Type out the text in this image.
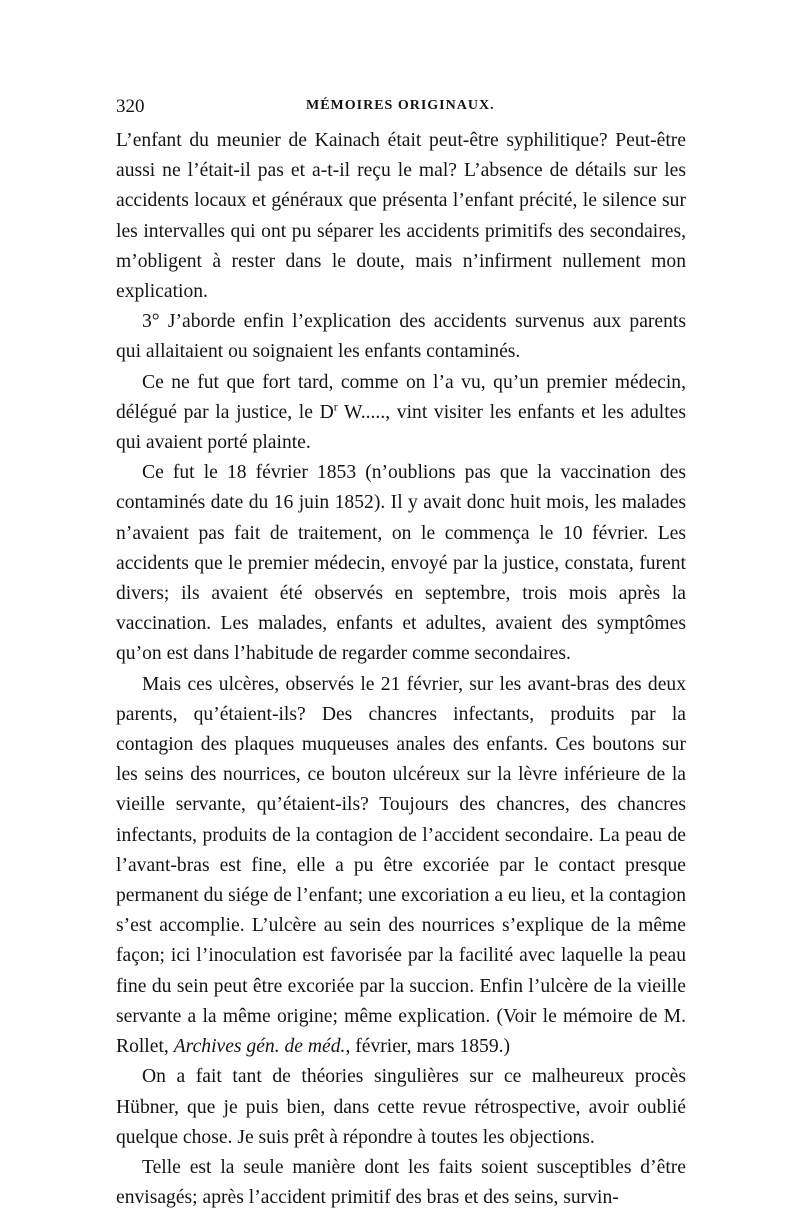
320	MÉMOIRES ORIGINAUX.

L’enfant du meunier de Kainach était peut-être syphilitique? Peut-être aussi ne l’était-il pas et a-t-il reçu le mal? L’absence de détails sur les accidents locaux et généraux que présenta l’enfant précité, le silence sur les intervalles qui ont pu séparer les accidents primitifs des secondaires, m’obligent à rester dans le doute, mais n’infirment nullement mon explication.

3° J’aborde enfin l’explication des accidents survenus aux parents qui allaitaient ou soignaient les enfants contaminés.

Ce ne fut que fort tard, comme on l’a vu, qu’un premier médecin, délégué par la justice, le $D^r$ W....., vint visiter les enfants et les adultes qui avaient porté plainte.

Ce fut le 18 février 1853 (n’oublions pas que la vaccination des contaminés date du 16 juin 1852). Il y avait donc huit mois, les malades n’avaient pas fait de traitement, on le commença le 10 février. Les accidents que le premier médecin, envoyé par la justice, constata, furent divers; ils avaient été observés en septembre, trois mois après la vaccination. Les malades, enfants et adultes, avaient des symptômes qu’on est dans l’habitude de regarder comme secondaires.

Mais ces ulcères, observés le 21 février, sur les avant-bras des deux parents, qu’étaient-ils? Des chancres infectants, produits par la contagion des plaques muqueuses anales des enfants. Ces boutons sur les seins des nourrices, ce bouton ulcéreux sur la lèvre inférieure de la vieille servante, qu’étaient-ils? Toujours des chancres, des chancres infectants, produits de la contagion de l’accident secondaire. La peau de l’avant-bras est fine, elle a pu être excoriée par le contact presque permanent du siége de l’enfant; une excoriation a eu lieu, et la contagion s’est accomplie. L’ulcère au sein des nourrices s’explique de la même façon; ici l’inoculation est favorisée par la facilité avec laquelle la peau fine du sein peut être excoriée par la succion. Enfin l’ulcère de la vieille servante a la même origine; même explication. (Voir le mémoire de M. Rollet, Archives gén. de méd., février, mars 1859.)

On a fait tant de théories singulières sur ce malheureux procès Hübner, que je puis bien, dans cette revue rétrospective, avoir oublié quelque chose. Je suis prêt à répondre à toutes les objections.

Telle est la seule manière dont les faits soient susceptibles d’être envisagés; après l’accident primitif des bras et des seins, survin-
